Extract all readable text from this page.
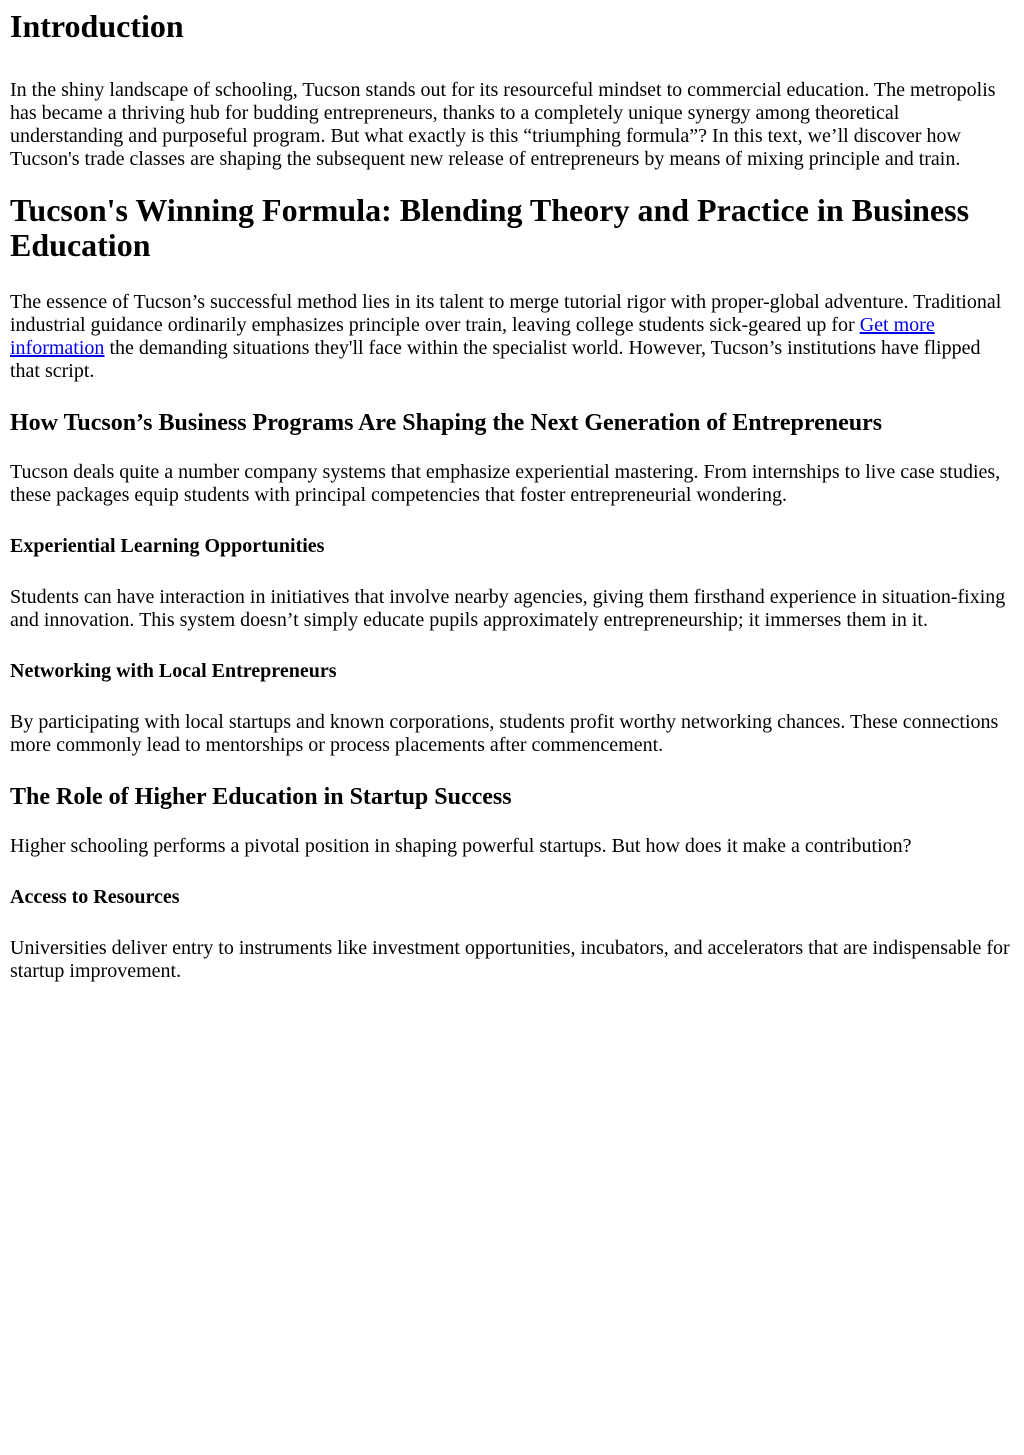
Introduction

In the shiny landscape of schooling, Tucson stands out for its resourceful mindset to commercial education. The metropolis has became a thriving hub for budding entrepreneurs, thanks to a completely unique synergy among theoretical understanding and purposeful program. But what exactly is this “triumphing formula”? In this text, we’ll discover how Tucson's trade classes are shaping the subsequent new release of entrepreneurs by means of mixing principle and train.

Tucson's Winning Formula: Blending Theory and Practice in Business Education

The essence of Tucson’s successful method lies in its talent to merge tutorial rigor with proper-global adventure. Traditional industrial guidance ordinarily emphasizes principle over train, leaving college students sick-geared up for Get more information the demanding situations they'll face within the specialist world. However, Tucson’s institutions have flipped that script.

How Tucson’s Business Programs Are Shaping the Next Generation of Entrepreneurs

Tucson deals quite a number company systems that emphasize experiential mastering. From internships to live case studies, these packages equip students with principal competencies that foster entrepreneurial wondering.

Experiential Learning Opportunities

Students can have interaction in initiatives that involve nearby agencies, giving them firsthand experience in situation-fixing and innovation. This system doesn’t simply educate pupils approximately entrepreneurship; it immerses them in it.

Networking with Local Entrepreneurs

By participating with local startups and known corporations, students profit worthy networking chances. These connections more commonly lead to mentorships or process placements after commencement.

The Role of Higher Education in Startup Success

Higher schooling performs a pivotal position in shaping powerful startups. But how does it make a contribution?

Access to Resources

Universities deliver entry to instruments like investment opportunities, incubators, and accelerators that are indispensable for startup improvement.
